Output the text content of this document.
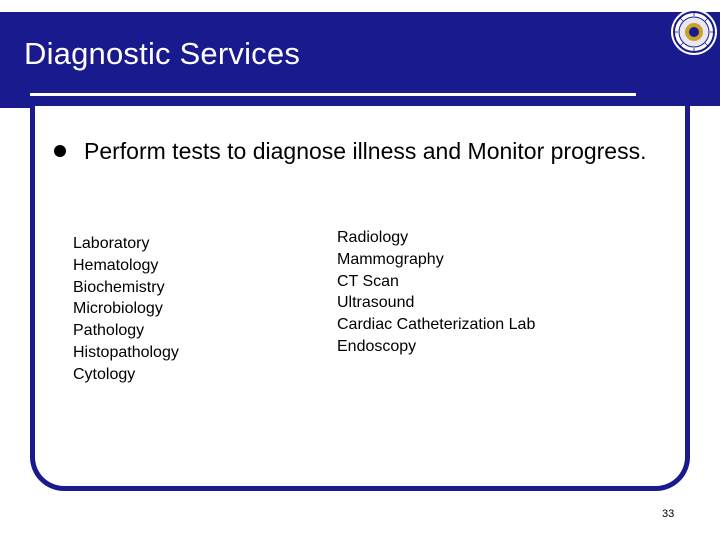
Diagnostic Services
Perform tests to diagnose illness and Monitor progress.
Laboratory
Hematology
Biochemistry
Microbiology
Pathology
Histopathology
Cytology
Radiology
Mammography
CT Scan
Ultrasound
Cardiac Catheterization Lab
Endoscopy
33
